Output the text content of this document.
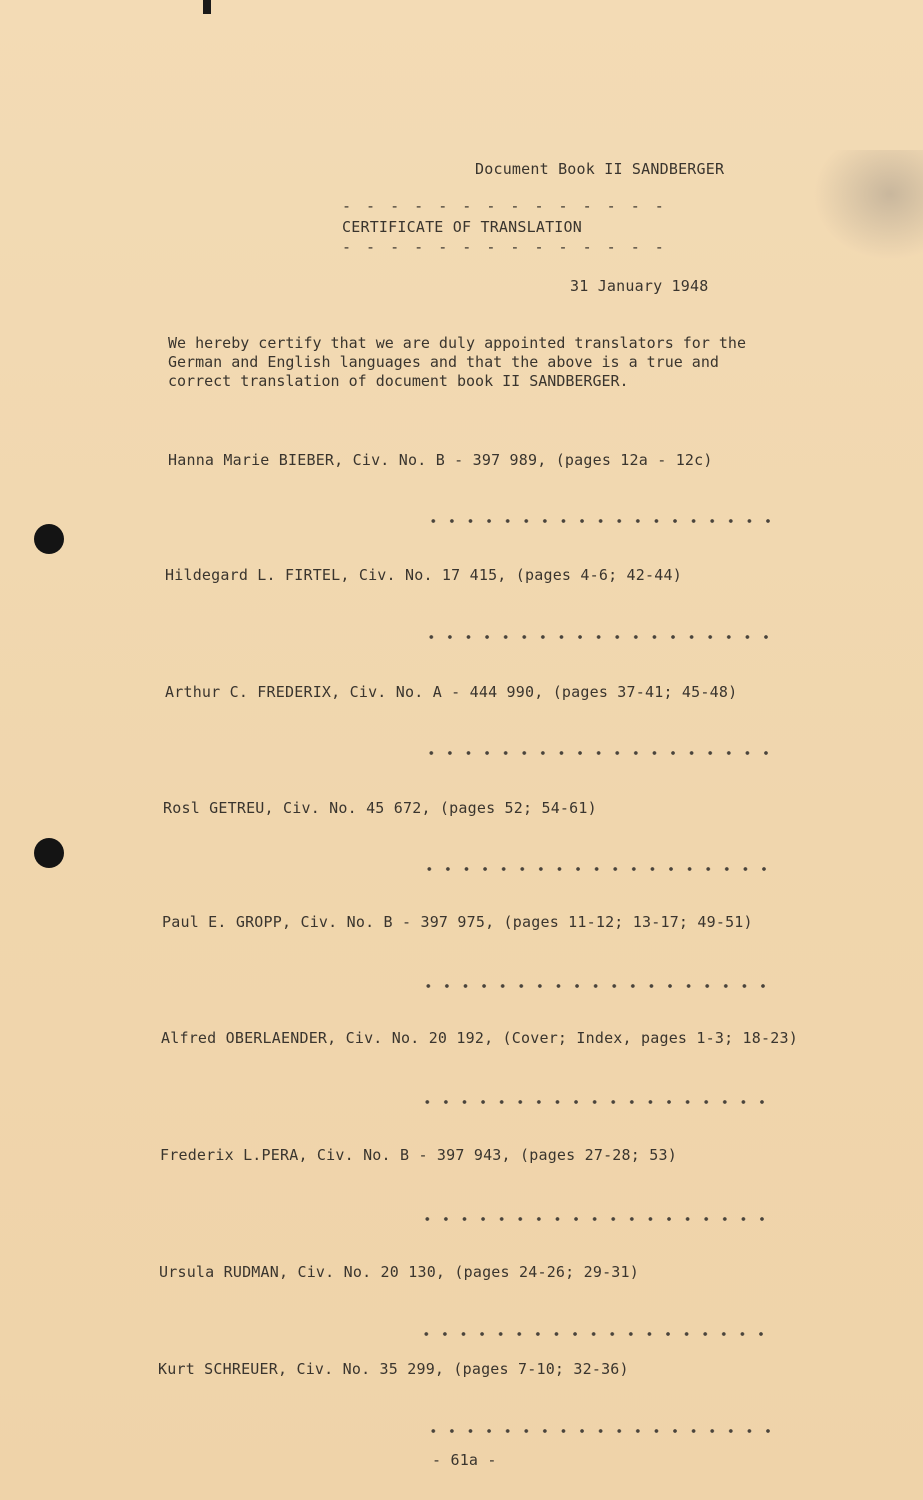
Document Book II SANDBERGER
- - - - - - - - - - - - - -
CERTIFICATE OF TRANSLATION
- - - - - - - - - - - - - -
31 January 1948
We hereby certify that we are duly appointed translators for the
German and English languages and that the above is a true and
correct translation of document book II SANDBERGER.
Hanna Marie BIEBER, Civ. No. B - 397 989, (pages 12a - 12c)
Hildegard L. FIRTEL, Civ. No. 17 415, (pages 4-6; 42-44)
Arthur C. FREDERIX, Civ. No. A - 444 990, (pages 37-41; 45-48)
Rosl GETREU, Civ. No. 45 672, (pages 52; 54-61)
Paul E. GROPP, Civ. No. B - 397 975, (pages 11-12; 13-17; 49-51)
Alfred OBERLAENDER, Civ. No. 20 192, (Cover; Index, pages 1-3; 18-23)
Frederix L.PERA, Civ. No. B - 397 943, (pages 27-28; 53)
Ursula RUDMAN, Civ. No. 20 130, (pages 24-26; 29-31)
Kurt SCHREUER, Civ. No. 35 299, (pages 7-10; 32-36)
- 61a -
